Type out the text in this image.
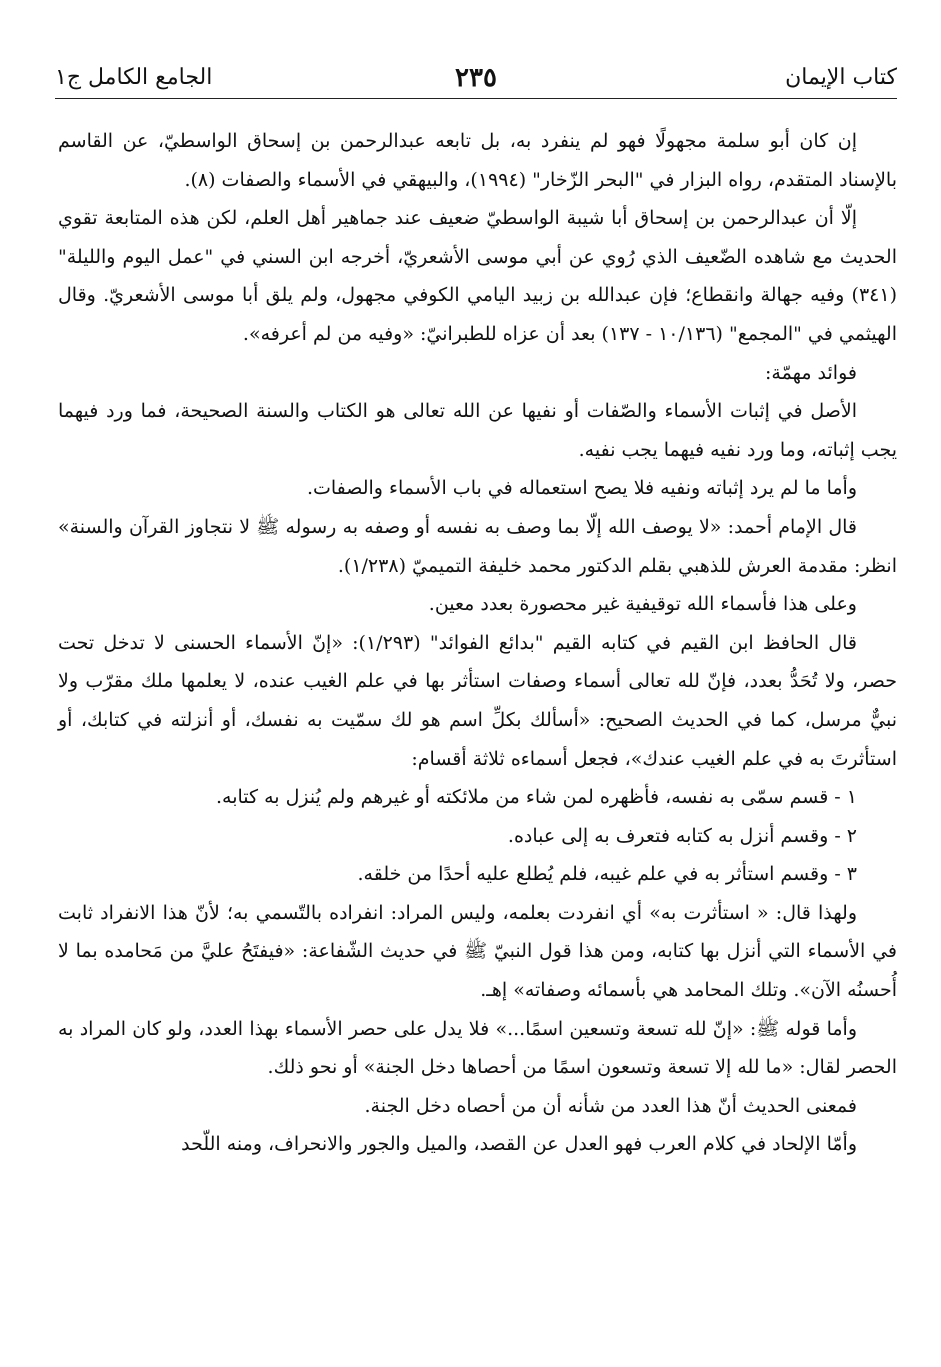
كتاب الإيمان
٢٣٥
الجامع الكامل ج١

إن كان أبو سلمة مجهولًا فهو لم ينفرد به، بل تابعه عبدالرحمن بن إسحاق الواسطيّ، عن القاسم بالإسناد المتقدم، رواه البزار في "البحر الزّخار" (١٩٩٤)، والبيهقي في الأسماء والصفات (٨).

إلّا أن عبدالرحمن بن إسحاق أبا شيبة الواسطيّ ضعيف عند جماهير أهل العلم، لكن هذه المتابعة تقوي الحديث مع شاهده الضّعيف الذي رُوي عن أبي موسى الأشعريّ، أخرجه ابن السني في "عمل اليوم والليلة" (٣٤١) وفيه جهالة وانقطاع؛ فإن عبدالله بن زبيد اليامي الكوفي مجهول، ولم يلق أبا موسى الأشعريّ. وقال الهيثمي في "المجمع" (١٠/١٣٦ - ١٣٧) بعد أن عزاه للطبرانيّ: «وفيه من لم أعرفه».

فوائد مهمّة:

الأصل في إثبات الأسماء والصّفات أو نفيها عن الله تعالى هو الكتاب والسنة الصحيحة، فما ورد فيهما يجب إثباته، وما ورد نفيه فيهما يجب نفيه.

وأما ما لم يرد إثباته ونفيه فلا يصح استعماله في باب الأسماء والصفات.

قال الإمام أحمد: «لا يوصف الله إلّا بما وصف به نفسه أو وصفه به رسوله ﷺ لا نتجاوز القرآن والسنة» انظر: مقدمة العرش للذهبي بقلم الدكتور محمد خليفة التميميّ (١/٢٣٨).

وعلى هذا فأسماء الله توقيفية غير محصورة بعدد معين.

قال الحافظ ابن القيم في كتابه القيم "بدائع الفوائد" (١/٢٩٣): «إنّ الأسماء الحسنى لا تدخل تحت حصر، ولا تُحَدُّ بعدد، فإنّ لله تعالى أسماء وصفات استأثر بها في علم الغيب عنده، لا يعلمها ملك مقرّب ولا نبيٌّ مرسل، كما في الحديث الصحيح: «أسألك بكلِّ اسم هو لك سمّيت به نفسك، أو أنزلته في كتابك، أو استأثرتَ به في علم الغيب عندك»، فجعل أسماءه ثلاثة أقسام:

١ - قسم سمّى به نفسه، فأظهره لمن شاء من ملائكته أو غيرهم ولم يُنزل به كتابه.

٢ - وقسم أنزل به كتابه فتعرف به إلى عباده.

٣ - وقسم استأثر به في علم غيبه، فلم يُطلع عليه أحدًا من خلقه.

ولهذا قال: « استأثرت به» أي انفردت بعلمه، وليس المراد: انفراده بالتّسمي به؛ لأنّ هذا الانفراد ثابت في الأسماء التي أنزل بها كتابه، ومن هذا قول النبيّ ﷺ في حديث الشّفاعة: «فيفتَحُ عليَّ من مَحامده بما لا أُحسنُه الآن». وتلك المحامد هي بأسمائه وصفاته» إهـ.

وأما قوله ﷺ: «إنّ لله تسعة وتسعين اسمًا...» فلا يدل على حصر الأسماء بهذا العدد، ولو كان المراد به الحصر لقال: «ما لله إلا تسعة وتسعون اسمًا من أحصاها دخل الجنة» أو نحو ذلك.

فمعنى الحديث أنّ هذا العدد من شأنه أن من أحصاه دخل الجنة.

وأمّا الإلحاد في كلام العرب فهو العدل عن القصد، والميل والجور والانحراف، ومنه اللّحد
